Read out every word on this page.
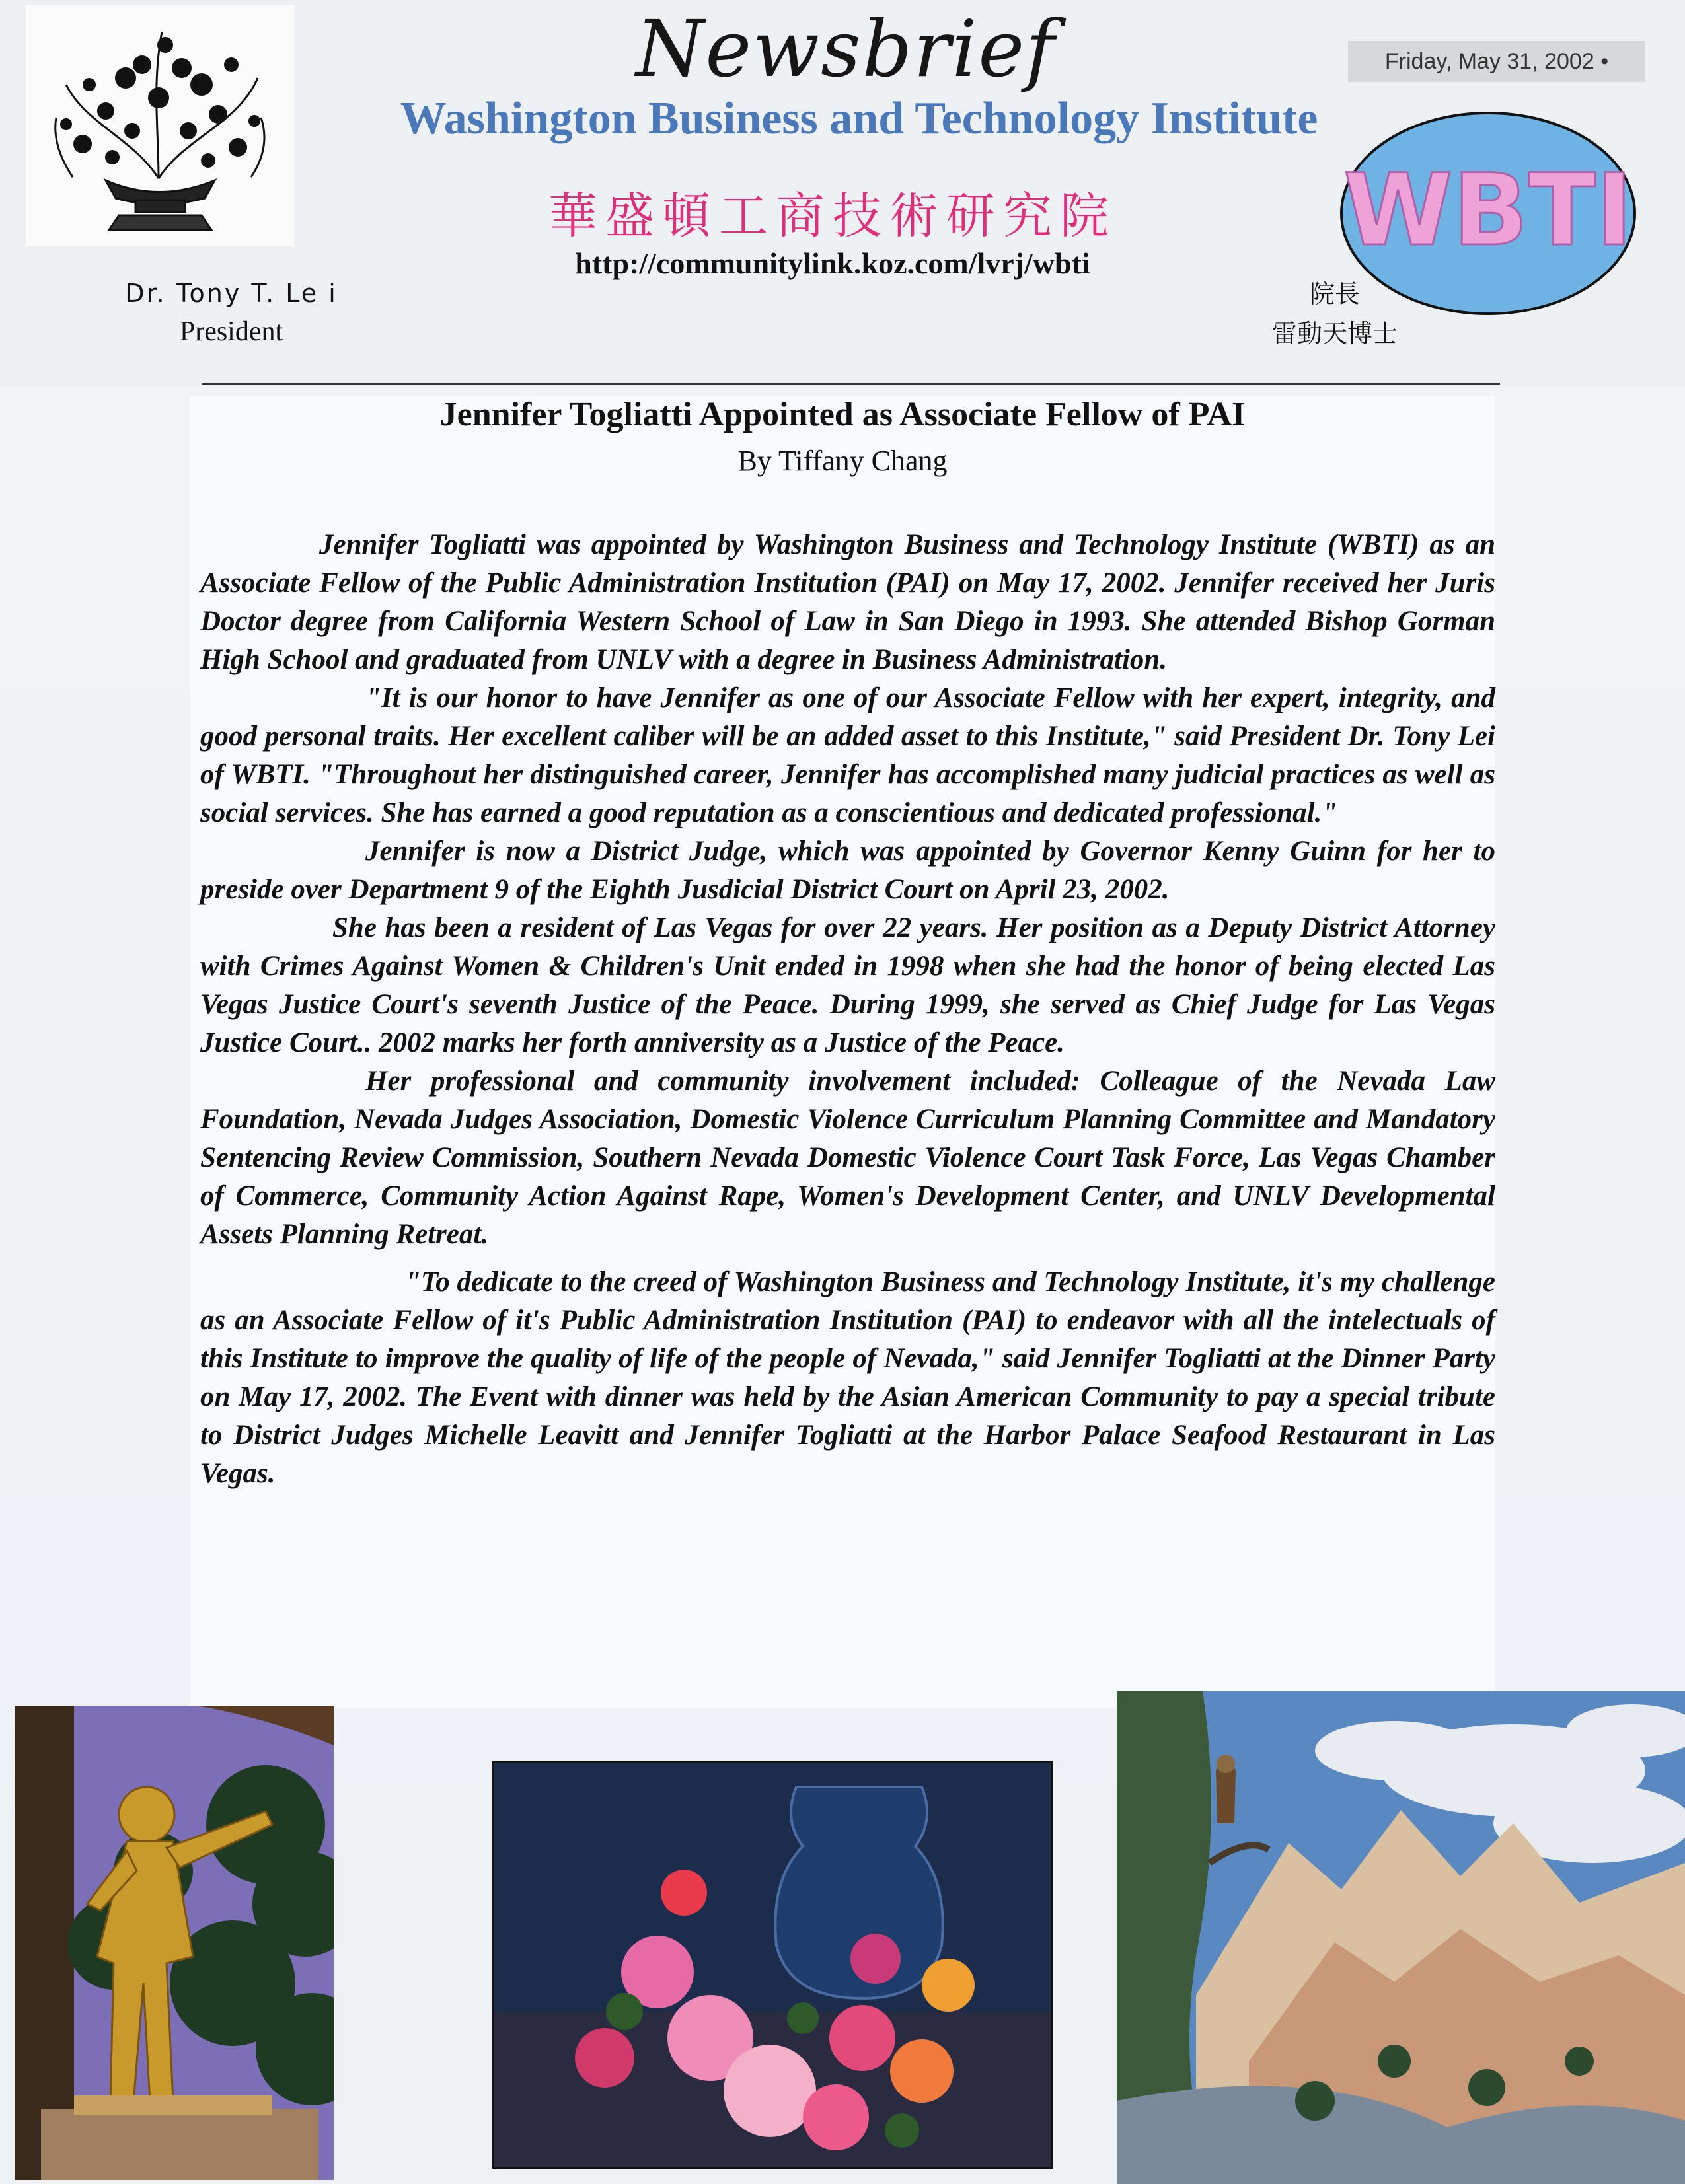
Newsbrief
Washington Business and Technology Institute
華盛頓工商技術研究院
http://communitylink.koz.com/lvrj/wbti
Friday, May 31, 2002 •
WBTI
Dr. Tony T. Le i
President
院長
雷動天博士
Jennifer Togliatti Appointed as Associate Fellow of PAI
By Tiffany Chang

Jennifer Togliatti was appointed by Washington Business and Technology Institute (WBTI) as an Associate Fellow of the Public Administration Institution (PAI) on May 17, 2002. Jennifer received her Juris Doctor degree from California Western School of Law in San Diego in 1993. She attended Bishop Gorman High School and graduated from UNLV with a degree in Business Administration.

"It is our honor to have Jennifer as one of our Associate Fellow with her expert, integrity, and good personal traits. Her excellent caliber will be an added asset to this Institute," said President Dr. Tony Lei of WBTI. "Throughout her distinguished career, Jennifer has accomplished many judicial practices as well as social services. She has earned a good reputation as a conscientious and dedicated professional."

Jennifer is now a District Judge, which was appointed by Governor Kenny Guinn for her to preside over Department 9 of the Eighth Jusdicial District Court on April 23, 2002.

She has been a resident of Las Vegas for over 22 years. Her position as a Deputy District Attorney with Crimes Against Women & Children's Unit ended in 1998 when she had the honor of being elected Las Vegas Justice Court's seventh Justice of the Peace. During 1999, she served as Chief Judge for Las Vegas Justice Court.. 2002 marks her forth anniversity as a Justice of the Peace.

Her professional and community involvement included: Colleague of the Nevada Law Foundation, Nevada Judges Association, Domestic Violence Curriculum Planning Committee and Mandatory Sentencing Review Commission, Southern Nevada Domestic Violence Court Task Force, Las Vegas Chamber of Commerce, Community Action Against Rape, Women's Development Center, and UNLV Developmental Assets Planning Retreat.

"To dedicate to the creed of Washington Business and Technology Institute, it's my challenge as an Associate Fellow of it's Public Administration Institution (PAI) to endeavor with all the intelectuals of this Institute to improve the quality of life of the people of Nevada," said Jennifer Togliatti at the Dinner Party on May 17, 2002. The Event with dinner was held by the Asian American Community to pay a special tribute to District Judges Michelle Leavitt and Jennifer Togliatti at the Harbor Palace Seafood Restaurant in Las Vegas.
